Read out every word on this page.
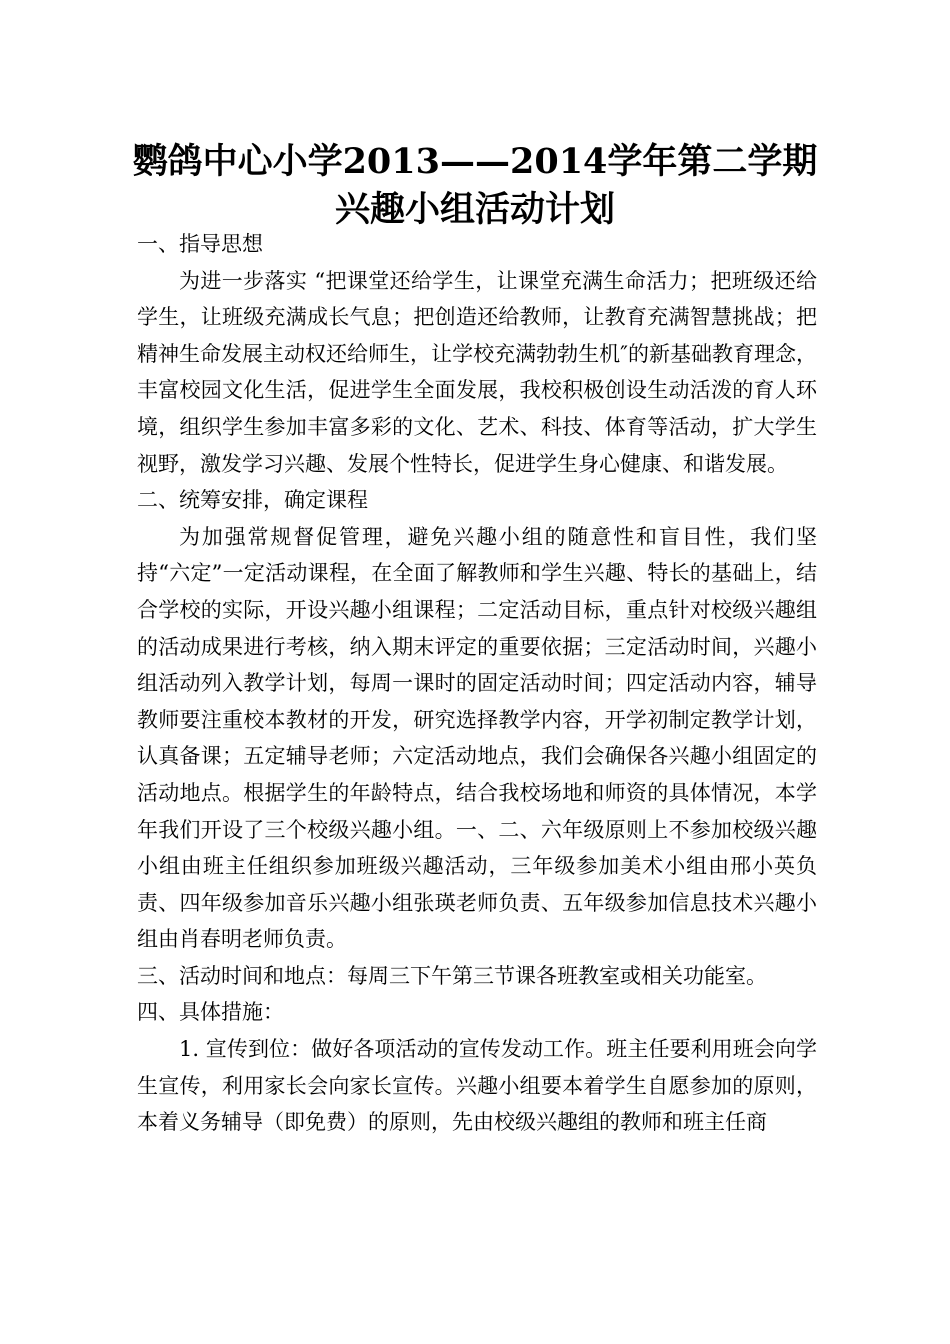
鹦鸽中心小学2013——2014学年第二学期
兴趣小组活动计划

一、指导思想

为进一步落实 “把课堂还给学生，让课堂充满生命活力；把班级还给学生，让班级充满成长气息；把创造还给教师，让教育充满智慧挑战；把精神生命发展主动权还给师生，让学校充满勃勃生机″的新基础教育理念，丰富校园文化生活，促进学生全面发展，我校积极创设生动活泼的育人环境，组织学生参加丰富多彩的文化、艺术、科技、体育等活动，扩大学生视野，激发学习兴趣、发展个性特长，促进学生身心健康、和谐发展。

二、统筹安排，确定课程

为加强常规督促管理，避免兴趣小组的随意性和盲目性，我们坚持“六定”一定活动课程，在全面了解教师和学生兴趣、特长的基础上，结合学校的实际，开设兴趣小组课程；二定活动目标，重点针对校级兴趣组的活动成果进行考核，纳入期末评定的重要依据；三定活动时间，兴趣小组活动列入教学计划，每周一课时的固定活动时间；四定活动内容，辅导教师要注重校本教材的开发，研究选择教学内容，开学初制定教学计划，认真备课；五定辅导老师；六定活动地点，我们会确保各兴趣小组固定的活动地点。根据学生的年龄特点，结合我校场地和师资的具体情况，本学年我们开设了三个校级兴趣小组。一、二、六年级原则上不参加校级兴趣小组由班主任组织参加班级兴趣活动，三年级参加美术小组由邢小英负责、四年级参加音乐兴趣小组张瑛老师负责、五年级参加信息技术兴趣小组由肖春明老师负责。

三、活动时间和地点：每周三下午第三节课各班教室或相关功能室。

四、具体措施：

1. 宣传到位：做好各项活动的宣传发动工作。班主任要利用班会向学生宣传，利用家长会向家长宣传。兴趣小组要本着学生自愿参加的原则，本着义务辅导（即免费）的原则，先由校级兴趣组的教师和班主任商
